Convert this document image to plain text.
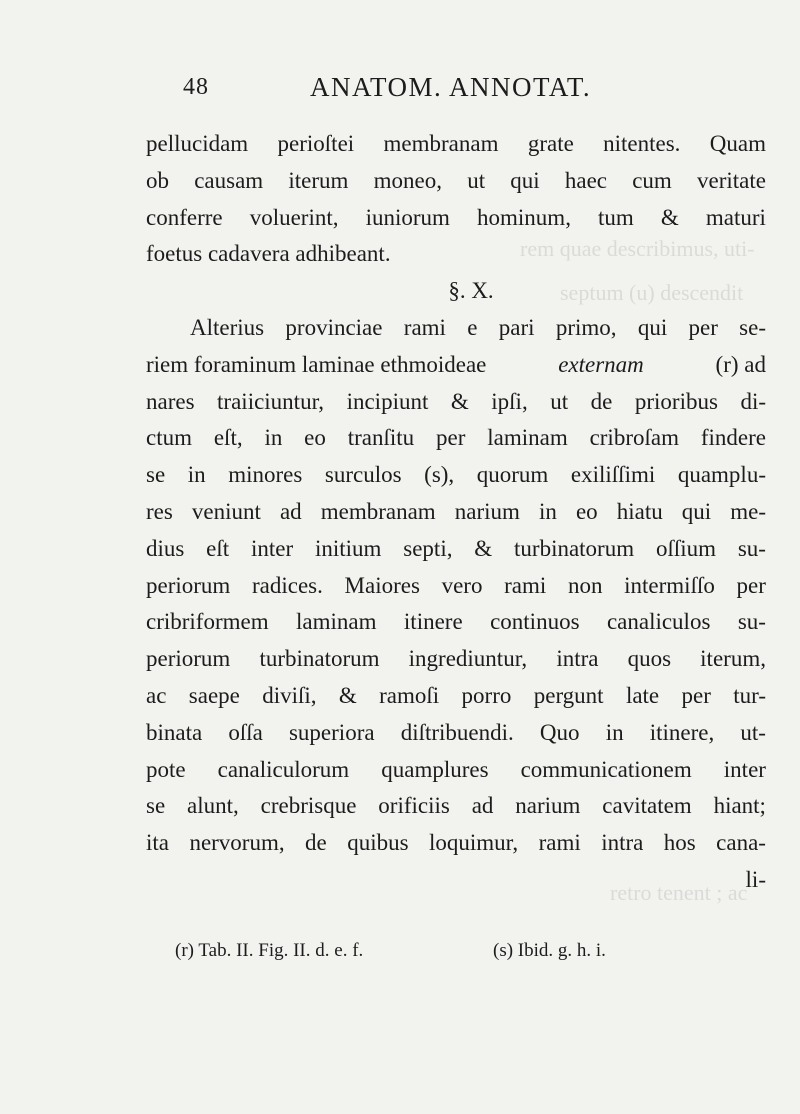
rem quae describimus, uti-
septum (u) descendit
retro tenent ; ac
48	ANATOM. ANNOTAT.
pellucidam perioſtei membranam grate nitentes. Quam
ob causam iterum moneo, ut qui haec cum veritate
conferre voluerint, iuniorum hominum, tum & maturi
foetus cadavera adhibeant.
§. X.
Alterius provinciae rami e pari primo, qui per se-
riem foraminum laminae ethmoideae	externam	(r) ad
nares traiiciuntur, incipiunt & ipſi, ut de prioribus di-
ctum eſt, in eo tranſitu per laminam cribroſam findere
se in minores surculos (s), quorum exiliſſimi quamplu-
res veniunt ad membranam narium in eo hiatu qui me-
dius eſt inter initium septi, & turbinatorum oſſium su-
periorum radices. Maiores vero rami non intermiſſo per
cribriformem laminam itinere continuos canaliculos su-
periorum turbinatorum ingrediuntur, intra quos iterum,
ac saepe diviſi, & ramoſi porro pergunt late per tur-
binata oſſa superiora diſtribuendi. Quo in itinere, ut-
pote canaliculorum quamplures communicationem inter
se alunt, crebrisque orificiis ad narium cavitatem hiant;
ita nervorum, de quibus loquimur, rami intra hos cana-
li-
(r) Tab. II. Fig. II. d. e. f.	(s) Ibid. g. h. i.
